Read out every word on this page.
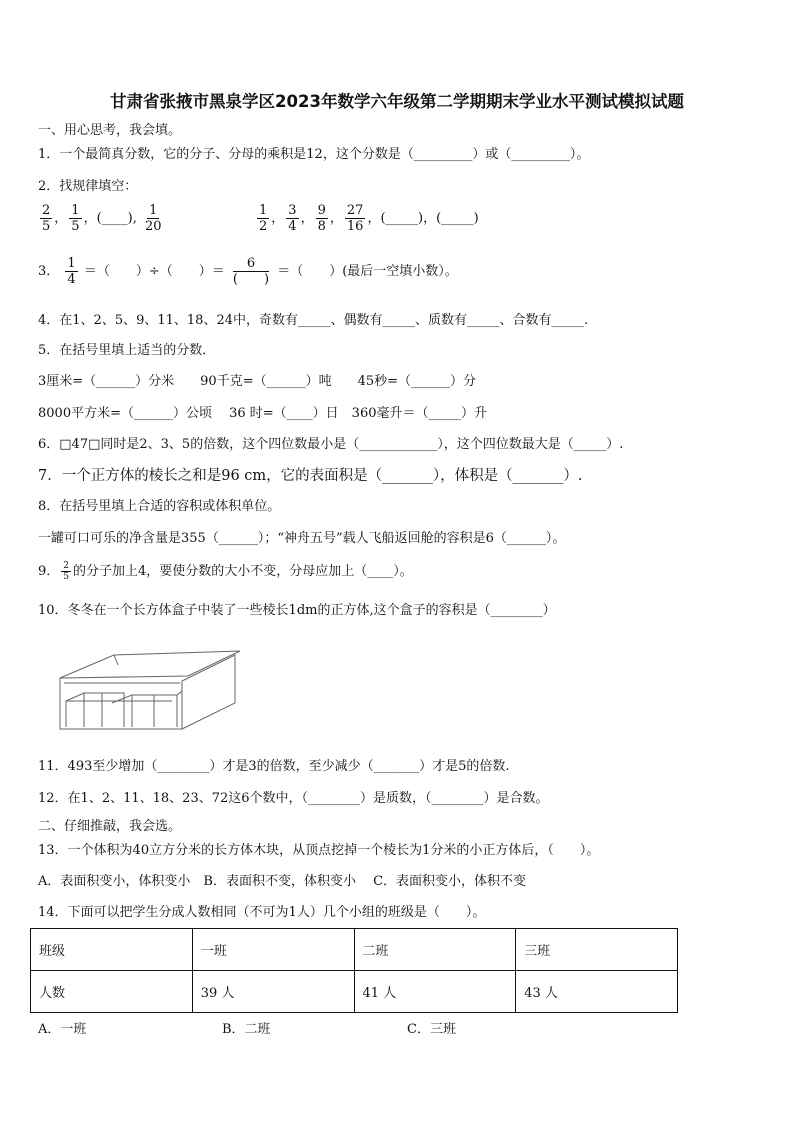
甘肃省张掖市黑泉学区2023年数学六年级第二学期期末学业水平测试模拟试题
一、用心思考，我会填。
1．一个最简真分数，它的分子、分母的乘积是12，这个分数是（_________）或（_________）。
2．找规律填空：
$\frac{2}{5}$ ， $\frac{1}{5}$ ，(____), $\frac{1}{20}$	$\frac{1}{2}$ ， $\frac{3}{4}$ ， $\frac{9}{8}$ ， $\frac{27}{16}$ ，(_____)，(_____)
3． $\frac{1}{4}$ ＝（　　）÷（　　）＝ $\frac{6}{( )}$ ＝（　　）(最后一空填小数）。
4．在1、2、5、9、11、18、24中，奇数有_____、偶数有_____、质数有_____、合数有_____.
5．在括号里填上适当的分数．
3厘米=（______）分米　　90千克=（______）吨　　45秒=（______）分
8000平方米=（______）公顷　 36 时=（____）日　360毫升＝（_____）升
6．□47□同时是2、3、5的倍数，这个四位数最小是（____________），这个四位数最大是（_____）.
7．一个正方体的棱长之和是96 cm，它的表面积是（_______），体积是（_______）.
8．在括号里填上合适的容积或体积单位。
一罐可口可乐的净含量是355（______）；“神舟五号”载人飞船返回舱的容积是6（______）。
9． $\frac{2}{5}$ 的分子加上4，要使分数的大小不变，分母应加上（____）。
10．冬冬在一个长方体盒子中装了一些棱长1dm的正方体,这个盒子的容积是（________）
11．493至少增加（________）才是3的倍数，至少减少（_______）才是5的倍数.
12．在1、2、11、18、23、72这6个数中，（________）是质数，（________）是合数。
二、仔细推敲，我会选。
13．一个体积为40立方分米的长方体木块，从顶点挖掉一个棱长为1分米的小正方体后，（　　）。
A．表面积变小，体积变小　B．表面积不变，体积变小　 C．表面积变小，体积不变
14．下面可以把学生分成人数相同（不可为1人）几个小组的班级是（　　）。
班级	一班	二班	三班
人数	39 人	41 人	43 人
A．一班	B．二班	C．三班
